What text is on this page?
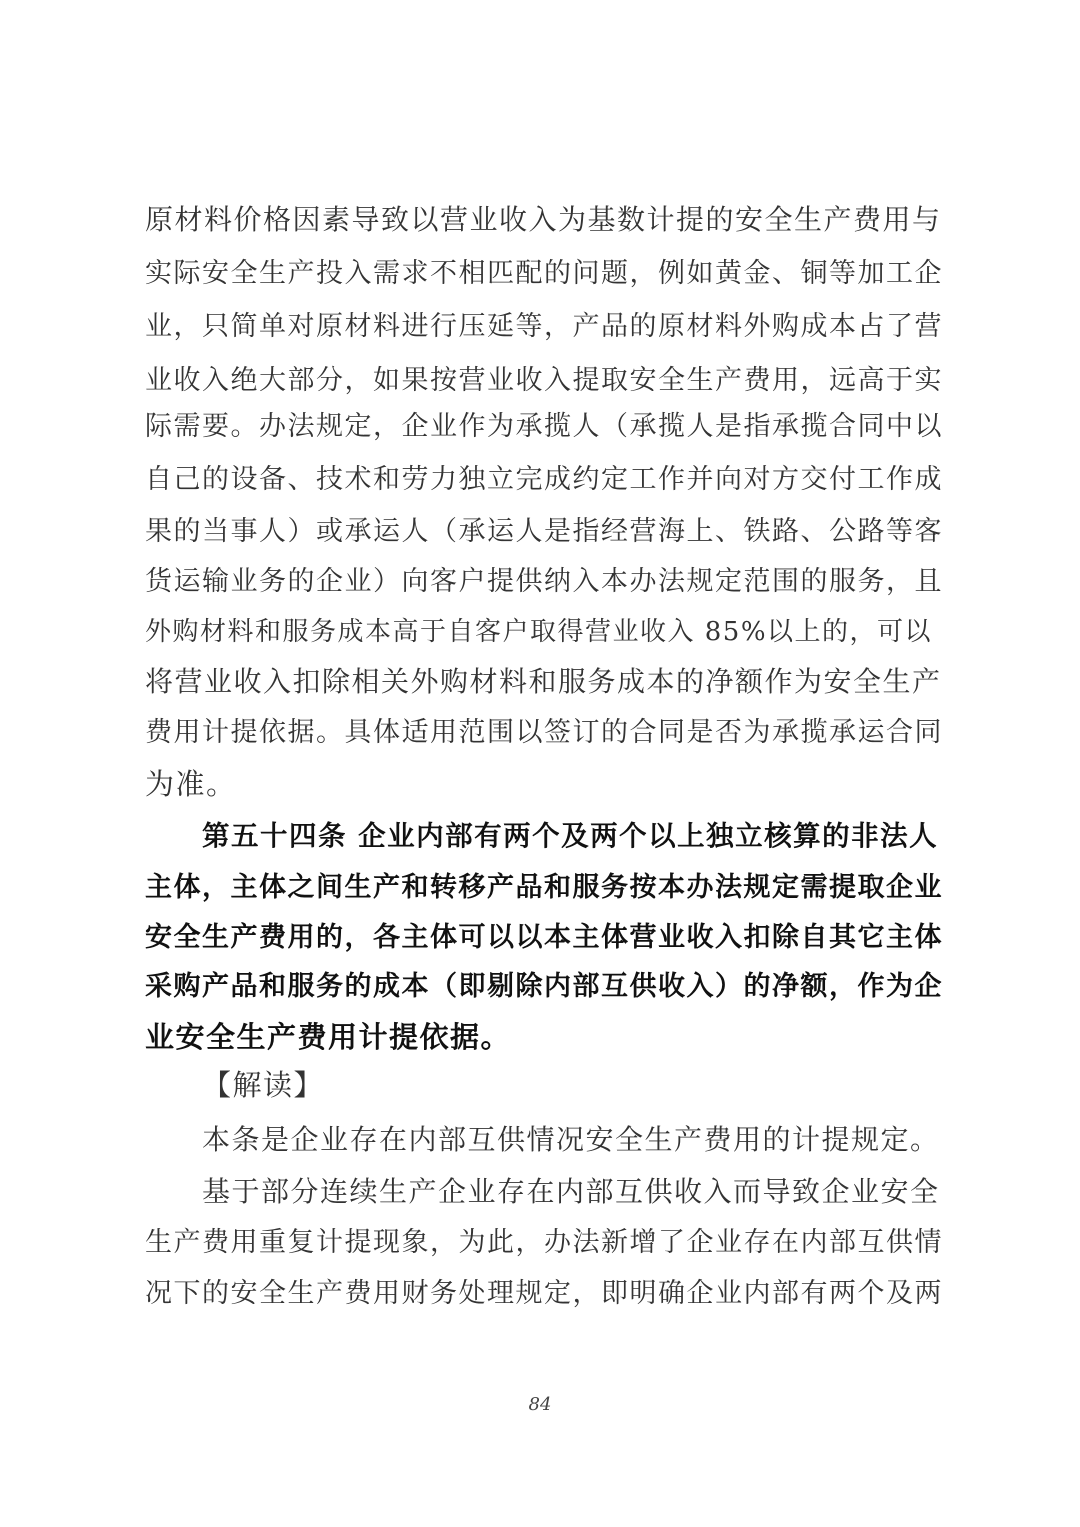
原材料价格因素导致以营业收入为基数计提的安全生产费用与
实际安全生产投入需求不相匹配的问题，例如黄金、铜等加工企
业，只简单对原材料进行压延等，产品的原材料外购成本占了营
业收入绝大部分，如果按营业收入提取安全生产费用，远高于实
际需要。办法规定，企业作为承揽人（承揽人是指承揽合同中以
自己的设备、技术和劳力独立完成约定工作并向对方交付工作成
果的当事人）或承运人（承运人是指经营海上、铁路、公路等客
货运输业务的企业）向客户提供纳入本办法规定范围的服务，且
外购材料和服务成本高于自客户取得营业收入 85%以上的，可以
将营业收入扣除相关外购材料和服务成本的净额作为安全生产
费用计提依据。具体适用范围以签订的合同是否为承揽承运合同
为准。
第五十四条 企业内部有两个及两个以上独立核算的非法人
主体，主体之间生产和转移产品和服务按本办法规定需提取企业
安全生产费用的，各主体可以以本主体营业收入扣除自其它主体
采购产品和服务的成本（即剔除内部互供收入）的净额，作为企
业安全生产费用计提依据。
【解读】
本条是企业存在内部互供情况安全生产费用的计提规定。
基于部分连续生产企业存在内部互供收入而导致企业安全
生产费用重复计提现象，为此，办法新增了企业存在内部互供情
况下的安全生产费用财务处理规定，即明确企业内部有两个及两
84
